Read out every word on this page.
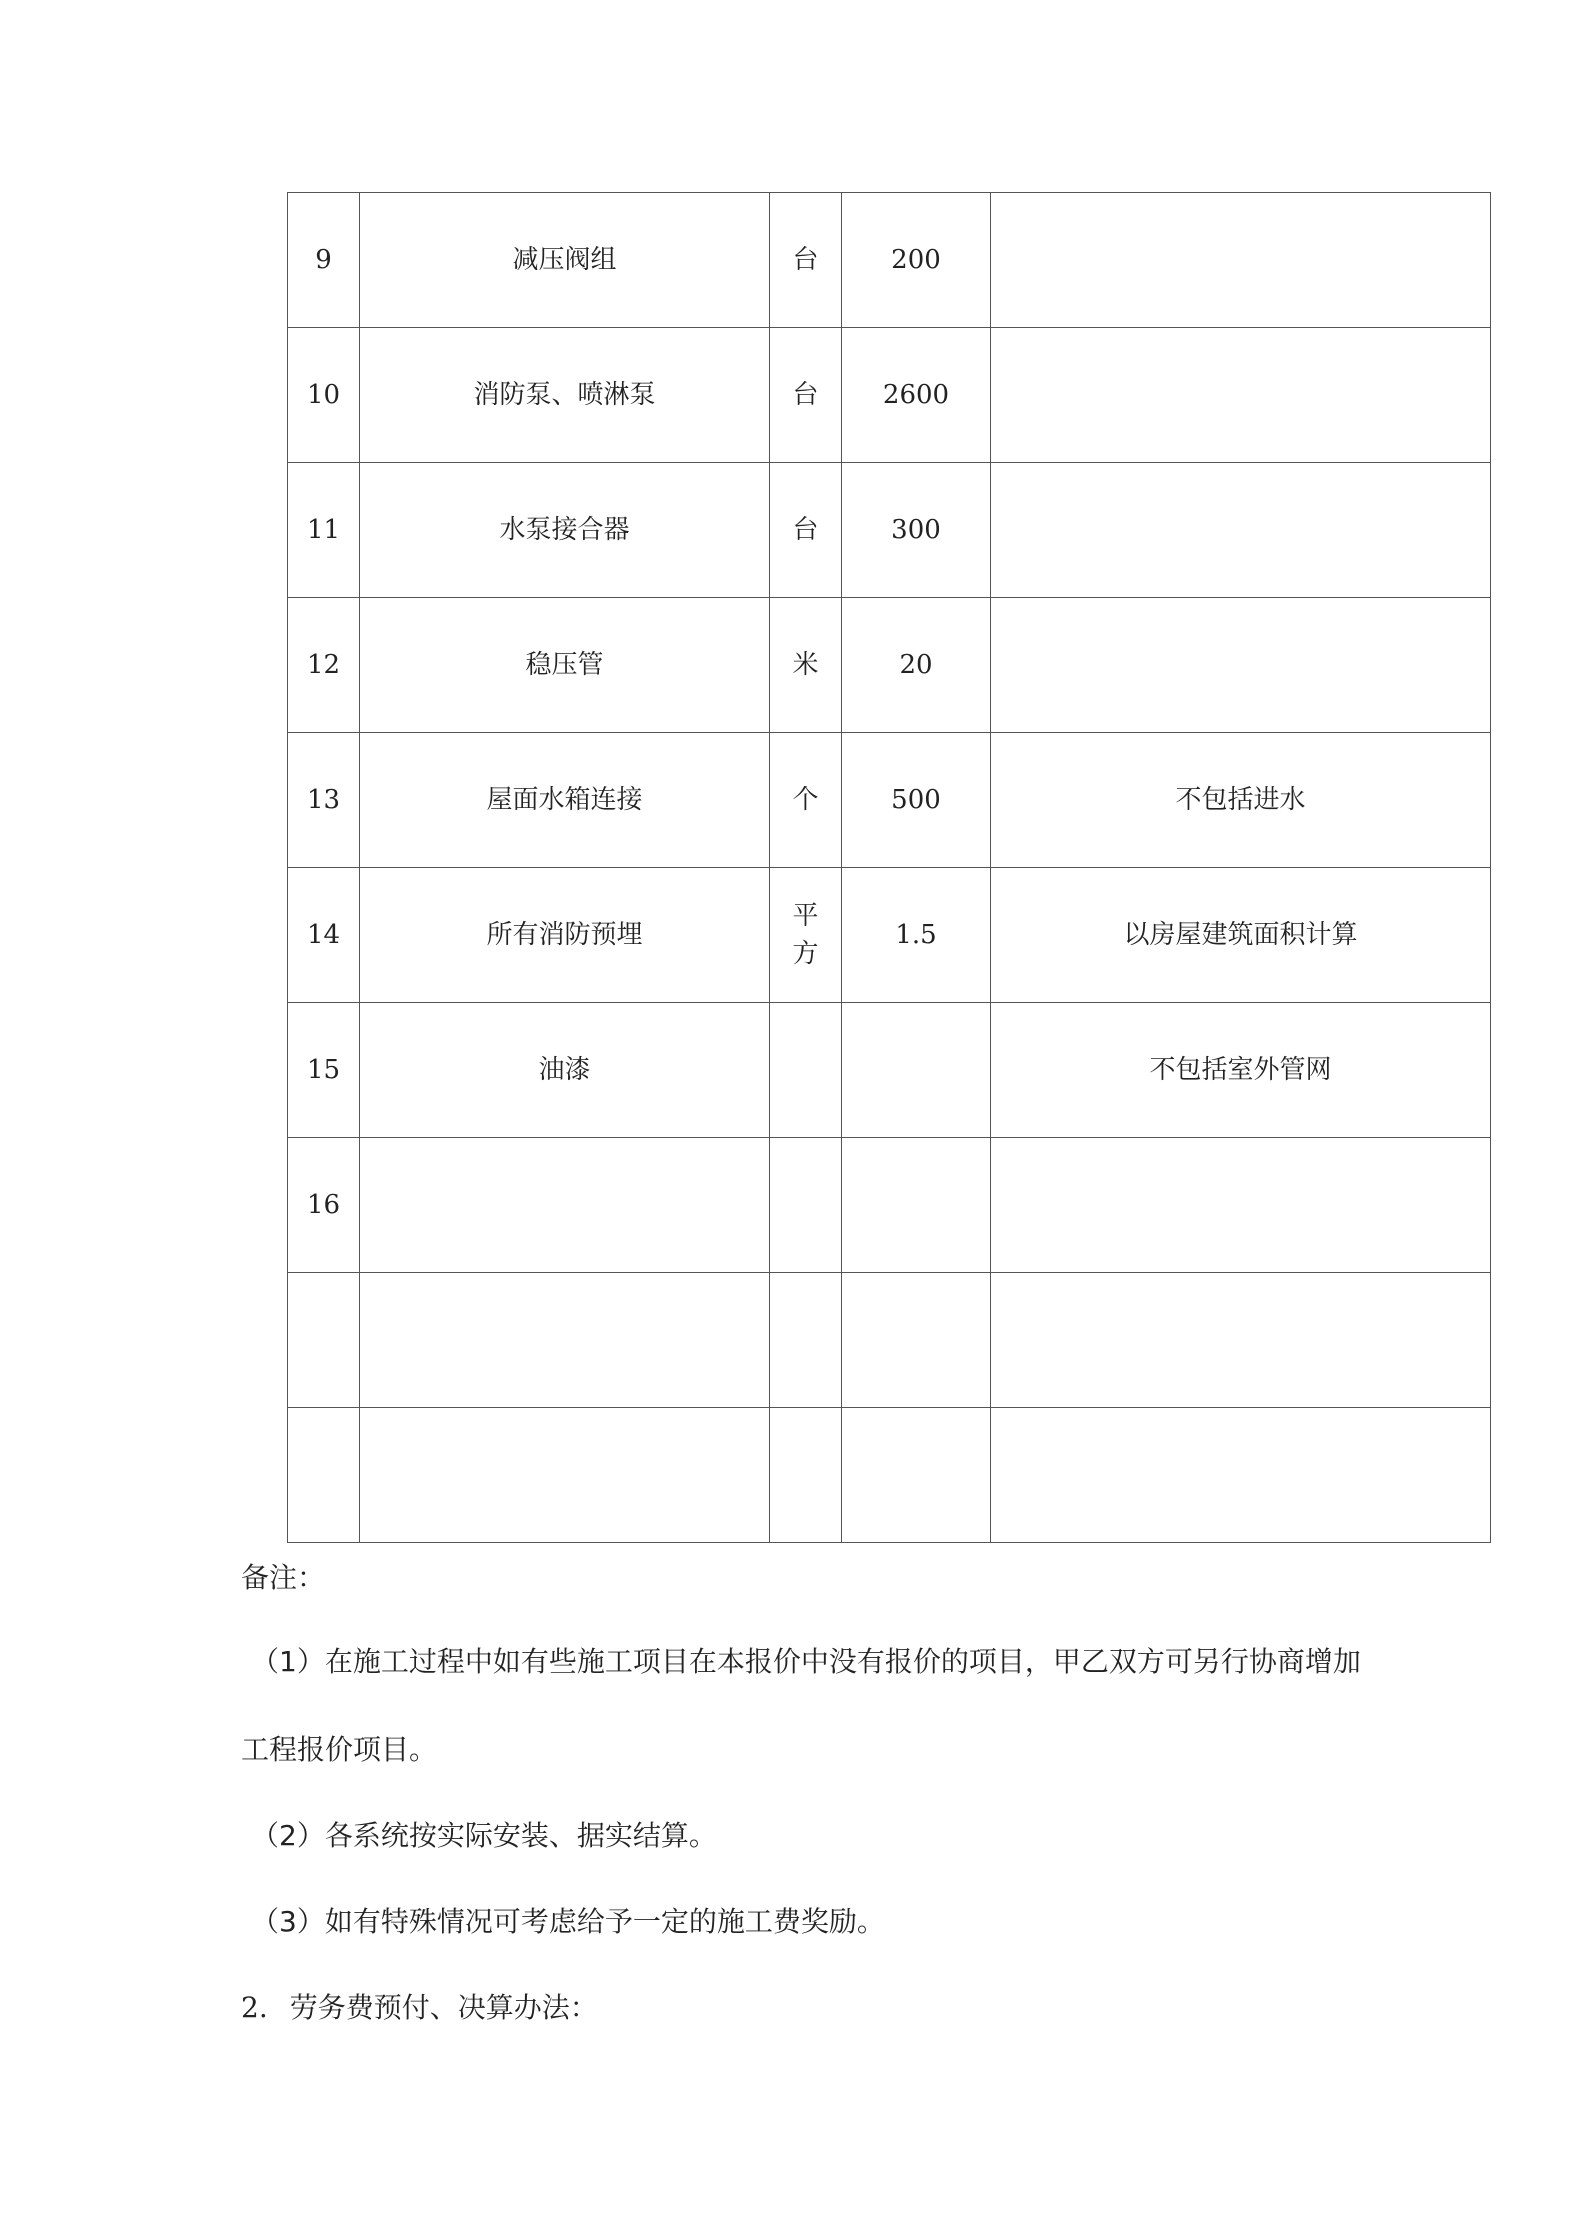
9	减压阀组	台	200	
10	消防泵、喷淋泵	台	2600	
11	水泵接合器	台	300	
12	稳压管	米	20	
13	屋面水箱连接	个	500	不包括进水
14	所有消防预埋	平方	1.5	以房屋建筑面积计算
15	油漆			不包括室外管网
16				

备注：

（1）在施工过程中如有些施工项目在本报价中没有报价的项目，甲乙双方可另行协商增加

工程报价项目。

（2）各系统按实际安装、据实结算。

（3）如有特殊情况可考虑给予一定的施工费奖励。

2. 劳务费预付、决算办法：
